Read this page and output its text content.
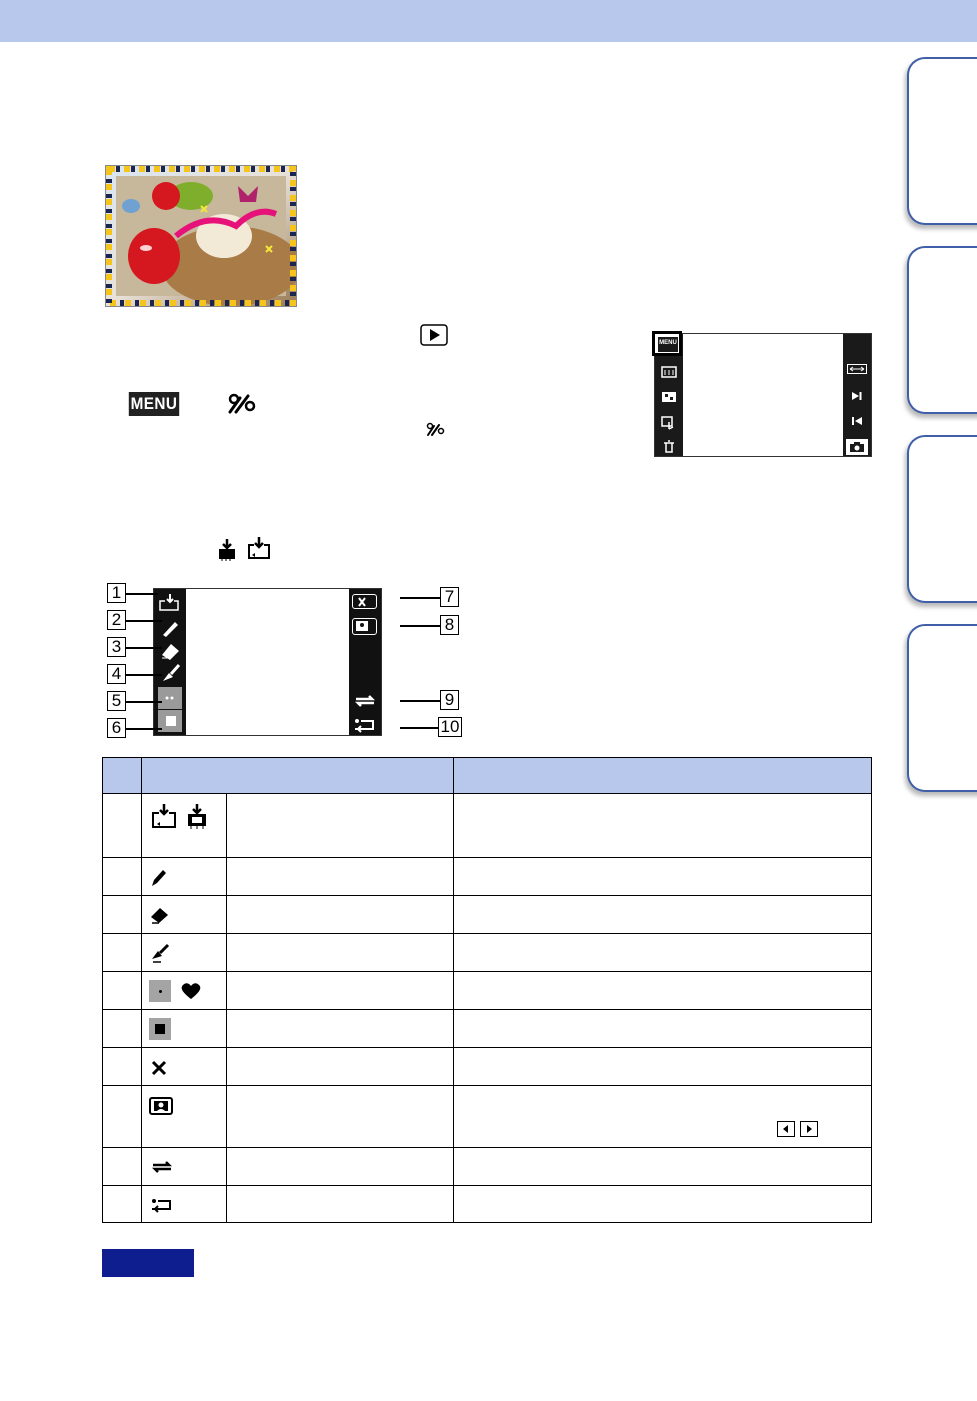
MENU
MENU
1
2
3
4
5
6
7
8
9
10
